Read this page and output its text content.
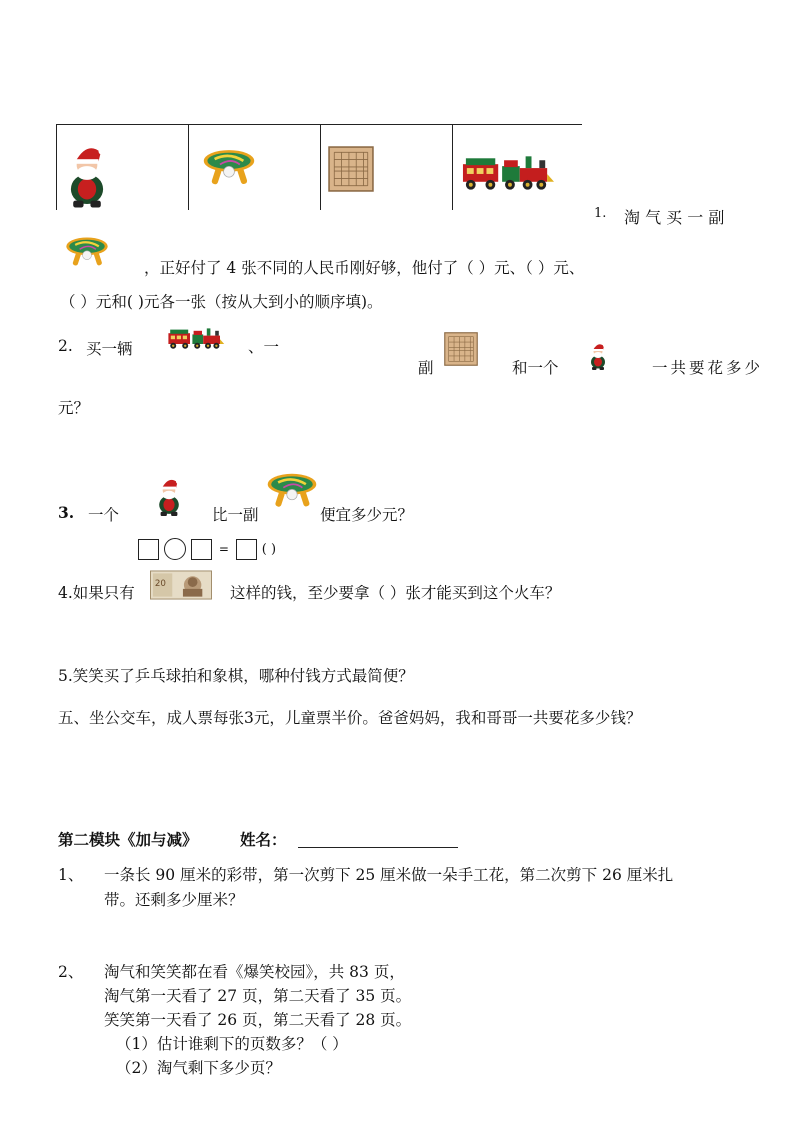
1. 淘 气 买 一 副
，正好付了 4 张不同的人民币刚好够，他付了（ ）元、（ ）元、
（ ）元和( )元各一张（按从大到小的顺序填)。
2. 买一辆	、一
副	和一个	一共要花多少
元？
3. 一个	比一副	便宜多少元？
=	( )
4.如果只有	这样的钱，至少要拿（ ）张才能买到这个火车？
5.笑笑买了乒乓球拍和象棋，哪种付钱方式最简便？
五、坐公交车，成人票每张3元，儿童票半价。爸爸妈妈，我和哥哥一共要花多少钱？
第二模块《加与减》	姓名：
1、 一条长 90 厘米的彩带，第一次剪下 25 厘米做一朵手工花，第二次剪下 26 厘米扎
带。还剩多少厘米？
2、 淘气和笑笑都在看《爆笑校园》，共 83 页，
淘气第一天看了 27 页，第二天看了 35 页。
笑笑第一天看了 26 页，第二天看了 28 页。
（1）估计谁剩下的页数多？（ ）
（2）淘气剩下多少页？
